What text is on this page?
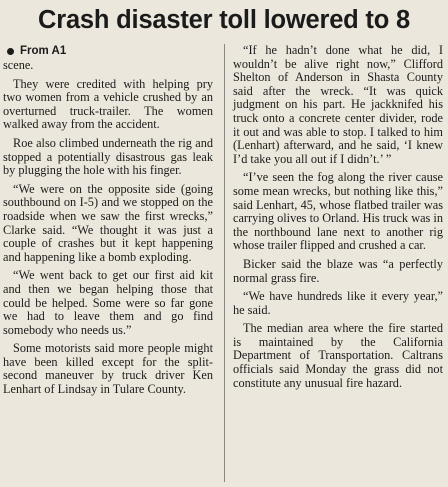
Crash disaster toll lowered to 8
From A1

scene.

They were credited with helping pry two women from a vehicle crushed by an overturned truck-trailer. The women walked away from the accident.

Roe also climbed underneath the rig and stopped a potentially disastrous gas leak by plugging the hole with his finger.

“We were on the opposite side (going southbound on I-5) and we stopped on the roadside when we saw the first wrecks,” Clarke said. “We thought it was just a couple of crashes but it kept happening and happening like a bomb exploding.

“We went back to get our first aid kit and then we began helping those that could be helped. Some were so far gone we had to leave them and go find somebody who needs us.”

Some motorists said more people might have been killed except for the split-second maneuver by truck driver Ken Lenhart of Lindsay in Tulare County.

“If he hadn’t done what he did, I wouldn’t be alive right now,” Clifford Shelton of Anderson in Shasta County said after the wreck. “It was quick judgment on his part. He jackknifed his truck onto a concrete center divider, rode it out and was able to stop. I talked to him (Lenhart) afterward, and he said, ‘I knew I’d take you all out if I didn’t.’ ”

“I’ve seen the fog along the river cause some mean wrecks, but nothing like this,” said Lenhart, 45, whose flatbed trailer was carrying olives to Orland. His truck was in the northbound lane next to another rig whose trailer flipped and crushed a car.

Bicker said the blaze was “a perfectly normal grass fire.

“We have hundreds like it every year,” he said.

The median area where the fire started is maintained by the California Department of Transportation. Caltrans officials said Monday the grass did not constitute any unusual fire hazard.
